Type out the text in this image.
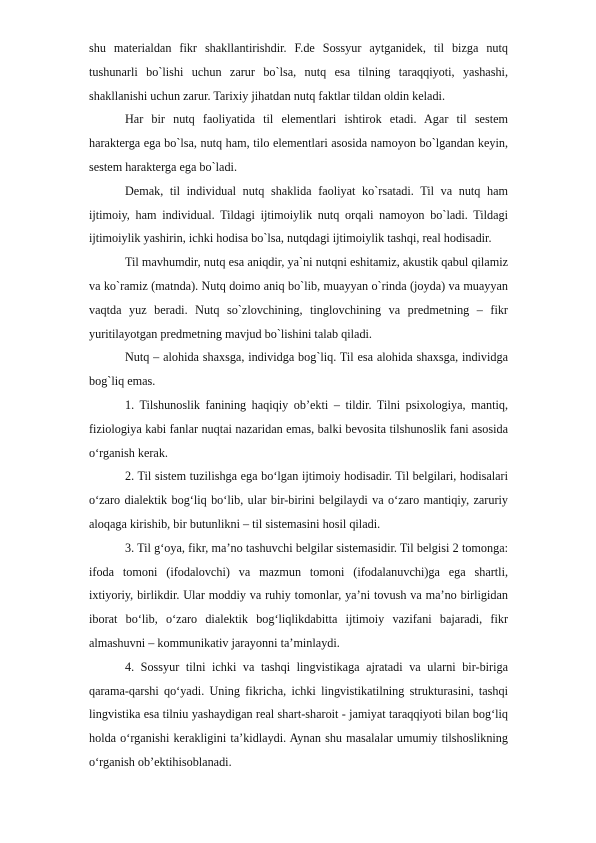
shu materialdan fikr shakllantirishdir. F.de Sossyur aytganidek, til bizga nutq tushunarli bo`lishi uchun zarur bo`lsa, nutq esa tilning taraqqiyoti, yashashi, shakllanishi uchun zarur. Tarixiy jihatdan nutq faktlar tildan oldin keladi.

Har bir nutq faoliyatida til elementlari ishtirok etadi. Agar til sestem harakterga ega bo`lsa, nutq ham, tilo elementlari asosida namoyon bo`lgandan keyin, sestem harakterga ega bo`ladi.

Demak, til individual nutq shaklida faoliyat ko`rsatadi. Til va nutq ham ijtimoiy, ham individual. Tildagi ijtimoiylik nutq orqali namoyon bo`ladi. Tildagi ijtimoiylik yashirin, ichki hodisa bo`lsa, nutqdagi ijtimoiylik tashqi, real hodisadir.

Til mavhumdir, nutq esa aniqdir, ya`ni nutqni eshitamiz, akustik qabul qilamiz va ko`ramiz (matnda). Nutq doimo aniq bo`lib, muayyan o`rinda (joyda) va muayyan vaqtda yuz beradi. Nutq so`zlovchining, tinglovchining va predmetning – fikr yuritilayotgan predmetning mavjud bo`lishini talab qiladi.

Nutq – alohida shaxsga, individga bog`liq. Til esa alohida shaxsga, individga bog`liq emas.

1. Tilshunoslik fanining haqiqiy ob’ekti – tildir. Tilni psixologiya, mantiq, fiziologiya kabi fanlar nuqtai nazaridan emas, balki bevosita tilshunoslik fani asosida o‘rganish kerak.

2. Til sistem tuzilishga ega bo‘lgan ijtimoiy hodisadir. Til belgilari, hodisalari o‘zaro dialektik bog‘liq bo‘lib, ular bir-birini belgilaydi va o‘zaro mantiqiy, zaruriy aloqaga kirishib, bir butunlikni – til sistemasini hosil qiladi.

3. Til g‘oya, fikr, ma’no tashuvchi belgilar sistemasidir. Til belgisi 2 tomonga: ifoda tomoni (ifodalovchi) va mazmun tomoni (ifodalanuvchi)ga ega shartli, ixtiyoriy, birlikdir. Ular moddiy va ruhiy tomonlar, ya’ni tovush va ma’no birligidan iborat bo‘lib, o‘zaro dialektik bog‘liqlikdabitta ijtimoiy vazifani bajaradi, fikr almashuvni – kommunikativ jarayonni ta’minlaydi.

4. Sossyur tilni ichki va tashqi lingvistikaga ajratadi va ularni bir-biriga qarama-qarshi qo‘yadi. Uning fikricha, ichki lingvistikatilning strukturasini, tashqi lingvistika esa tilniu yashaydigan real shart-sharoit - jamiyat taraqqiyoti bilan bog‘liq holda o‘rganishi kerakligini ta’kidlaydi. Aynan shu masalalar umumiy tilshoslikning o‘rganish ob’ektihisoblanadi.
